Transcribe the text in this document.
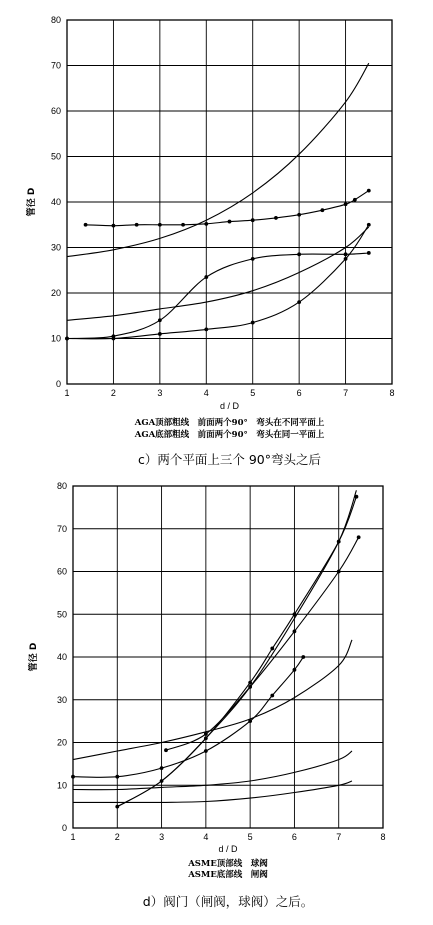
1	2	3	4	5	6	7	8
0
10
20
30
40
50
60
70
80
d / D
管径 D
AGA顶部粗线　前面两个90°　弯头在不同平面上
AGA底部粗线　前面两个90°　弯头在同一平面上
c）两个平面上三个 90°弯头之后
1	2	3	4	5	6	7	8
0
10
20
30
40
50
60
70
80
d / D
管径 D
ASME顶部线　球阀
ASME底部线　闸阀
d）阀门（闸阀，球阀）之后。
